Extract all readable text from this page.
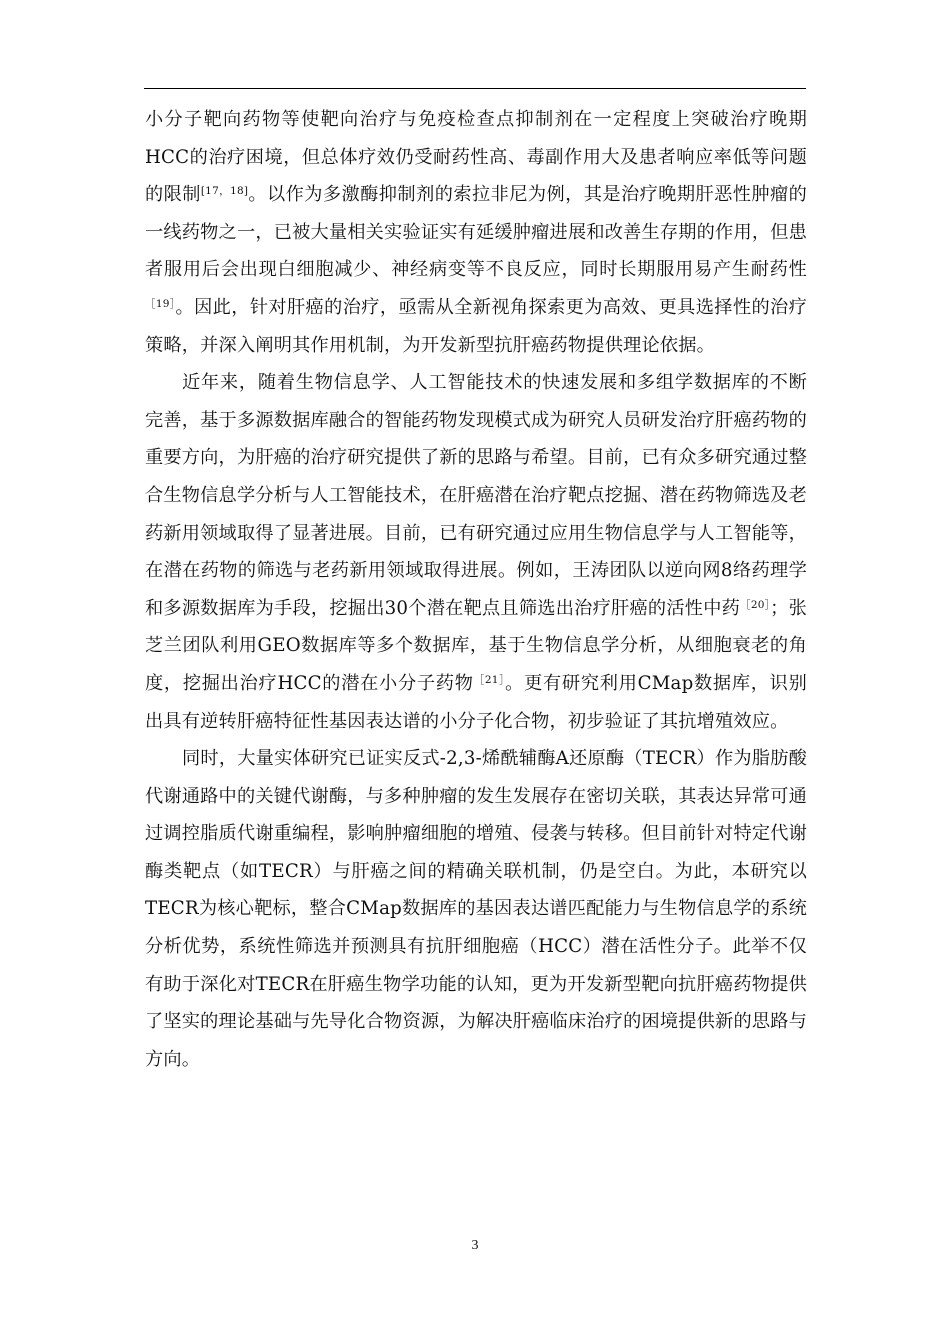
小分子靶向药物等使靶向治疗与免疫检查点抑制剂在一定程度上突破治疗晚期HCC的治疗困境，但总体疗效仍受耐药性高、毒副作用大及患者响应率低等问题的限制[17，18]。以作为多激酶抑制剂的索拉非尼为例，其是治疗晚期肝恶性肿瘤的一线药物之一，已被大量相关实验证实有延缓肿瘤进展和改善生存期的作用，但患者服用后会出现白细胞减少、神经病变等不良反应，同时长期服用易产生耐药性$^{[19]}$。因此，针对肝癌的治疗，亟需从全新视角探索更为高效、更具选择性的治疗策略，并深入阐明其作用机制，为开发新型抗肝癌药物提供理论依据。

近年来，随着生物信息学、人工智能技术的快速发展和多组学数据库的不断完善，基于多源数据库融合的智能药物发现模式成为研究人员研发治疗肝癌药物的重要方向，为肝癌的治疗研究提供了新的思路与希望。目前，已有众多研究通过整合生物信息学分析与人工智能技术，在肝癌潜在治疗靶点挖掘、潜在药物筛选及老药新用领域取得了显著进展。目前，已有研究通过应用生物信息学与人工智能等，在潜在药物的筛选与老药新用领域取得进展。例如，王涛团队以逆向网8络药理学和多源数据库为手段，挖掘出30个潜在靶点且筛选出治疗肝癌的活性中药$^{[20]}$；张芝兰团队利用GEO数据库等多个数据库，基于生物信息学分析，从细胞衰老的角度，挖掘出治疗HCC的潜在小分子药物$^{[21]}$。更有研究利用CMap数据库，识别出具有逆转肝癌特征性基因表达谱的小分子化合物，初步验证了其抗增殖效应。

同时，大量实体研究已证实反式-2,3-烯酰辅酶A还原酶（TECR）作为脂肪酸代谢通路中的关键代谢酶，与多种肿瘤的发生发展存在密切关联，其表达异常可通过调控脂质代谢重编程，影响肿瘤细胞的增殖、侵袭与转移。但目前针对特定代谢酶类靶点（如TECR）与肝癌之间的精确关联机制，仍是空白。为此，本研究以TECR为核心靶标，整合CMap数据库的基因表达谱匹配能力与生物信息学的系统分析优势，系统性筛选并预测具有抗肝细胞癌（HCC）潜在活性分子。此举不仅有助于深化对TECR在肝癌生物学功能的认知，更为开发新型靶向抗肝癌药物提供了坚实的理论基础与先导化合物资源，为解决肝癌临床治疗的困境提供新的思路与方向。

3
